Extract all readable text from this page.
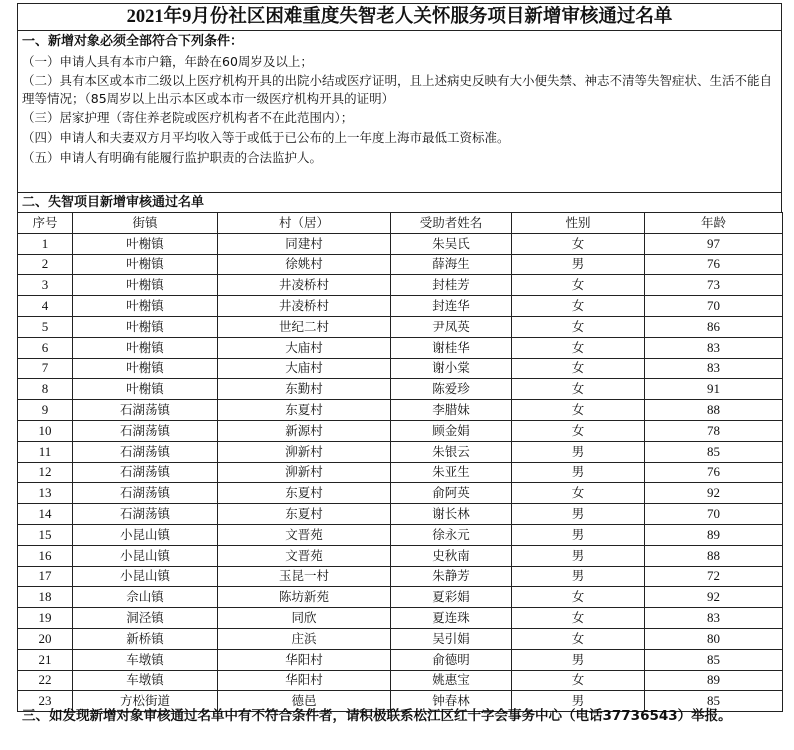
2021年9月份社区困难重度失智老人关怀服务项目新增审核通过名单
一、新增对象必须全部符合下列条件：
（一）申请人具有本市户籍，年龄在60周岁及以上；
（二）具有本区或本市二级以上医疗机构开具的出院小结或医疗证明，且上述病史反映有大小便失禁、神志不清等失智症状、生活不能自理等情况；（85周岁以上出示本区或本市一级医疗机构开具的证明）
（三）居家护理（寄住养老院或医疗机构者不在此范围内）；
（四）申请人和夫妻双方月平均收入等于或低于已公布的上一年度上海市最低工资标准。
（五）申请人有明确有能履行监护职责的合法监护人。
二、失智项目新增审核通过名单
序号	街镇	村（居）	受助者姓名	性别	年龄
1	叶榭镇	同建村	朱吴氏	女	97
2	叶榭镇	徐姚村	薛海生	男	76
3	叶榭镇	井凌桥村	封桂芳	女	73
4	叶榭镇	井凌桥村	封连华	女	70
5	叶榭镇	世纪二村	尹凤英	女	86
6	叶榭镇	大庙村	谢桂华	女	83
7	叶榭镇	大庙村	谢小棠	女	83
8	叶榭镇	东勤村	陈爱珍	女	91
9	石湖荡镇	东夏村	李腊妹	女	88
10	石湖荡镇	新源村	顾金娟	女	78
11	石湖荡镇	泖新村	朱银云	男	85
12	石湖荡镇	泖新村	朱亚生	男	76
13	石湖荡镇	东夏村	俞阿英	女	92
14	石湖荡镇	东夏村	谢长林	男	70
15	小昆山镇	文晋苑	徐永元	男	89
16	小昆山镇	文晋苑	史秋南	男	88
17	小昆山镇	玉昆一村	朱静芳	男	72
18	佘山镇	陈坊新苑	夏彩娟	女	92
19	洞泾镇	同欣	夏连珠	女	83
20	新桥镇	庄浜	吴引娟	女	80
21	车墩镇	华阳村	俞德明	男	85
22	车墩镇	华阳村	姚惠宝	女	89
23	方松街道	德邑	钟春林	男	85
三、如发现新增对象审核通过名单中有不符合条件者，请积极联系松江区红十字会事务中心（电话37736543）举报。
